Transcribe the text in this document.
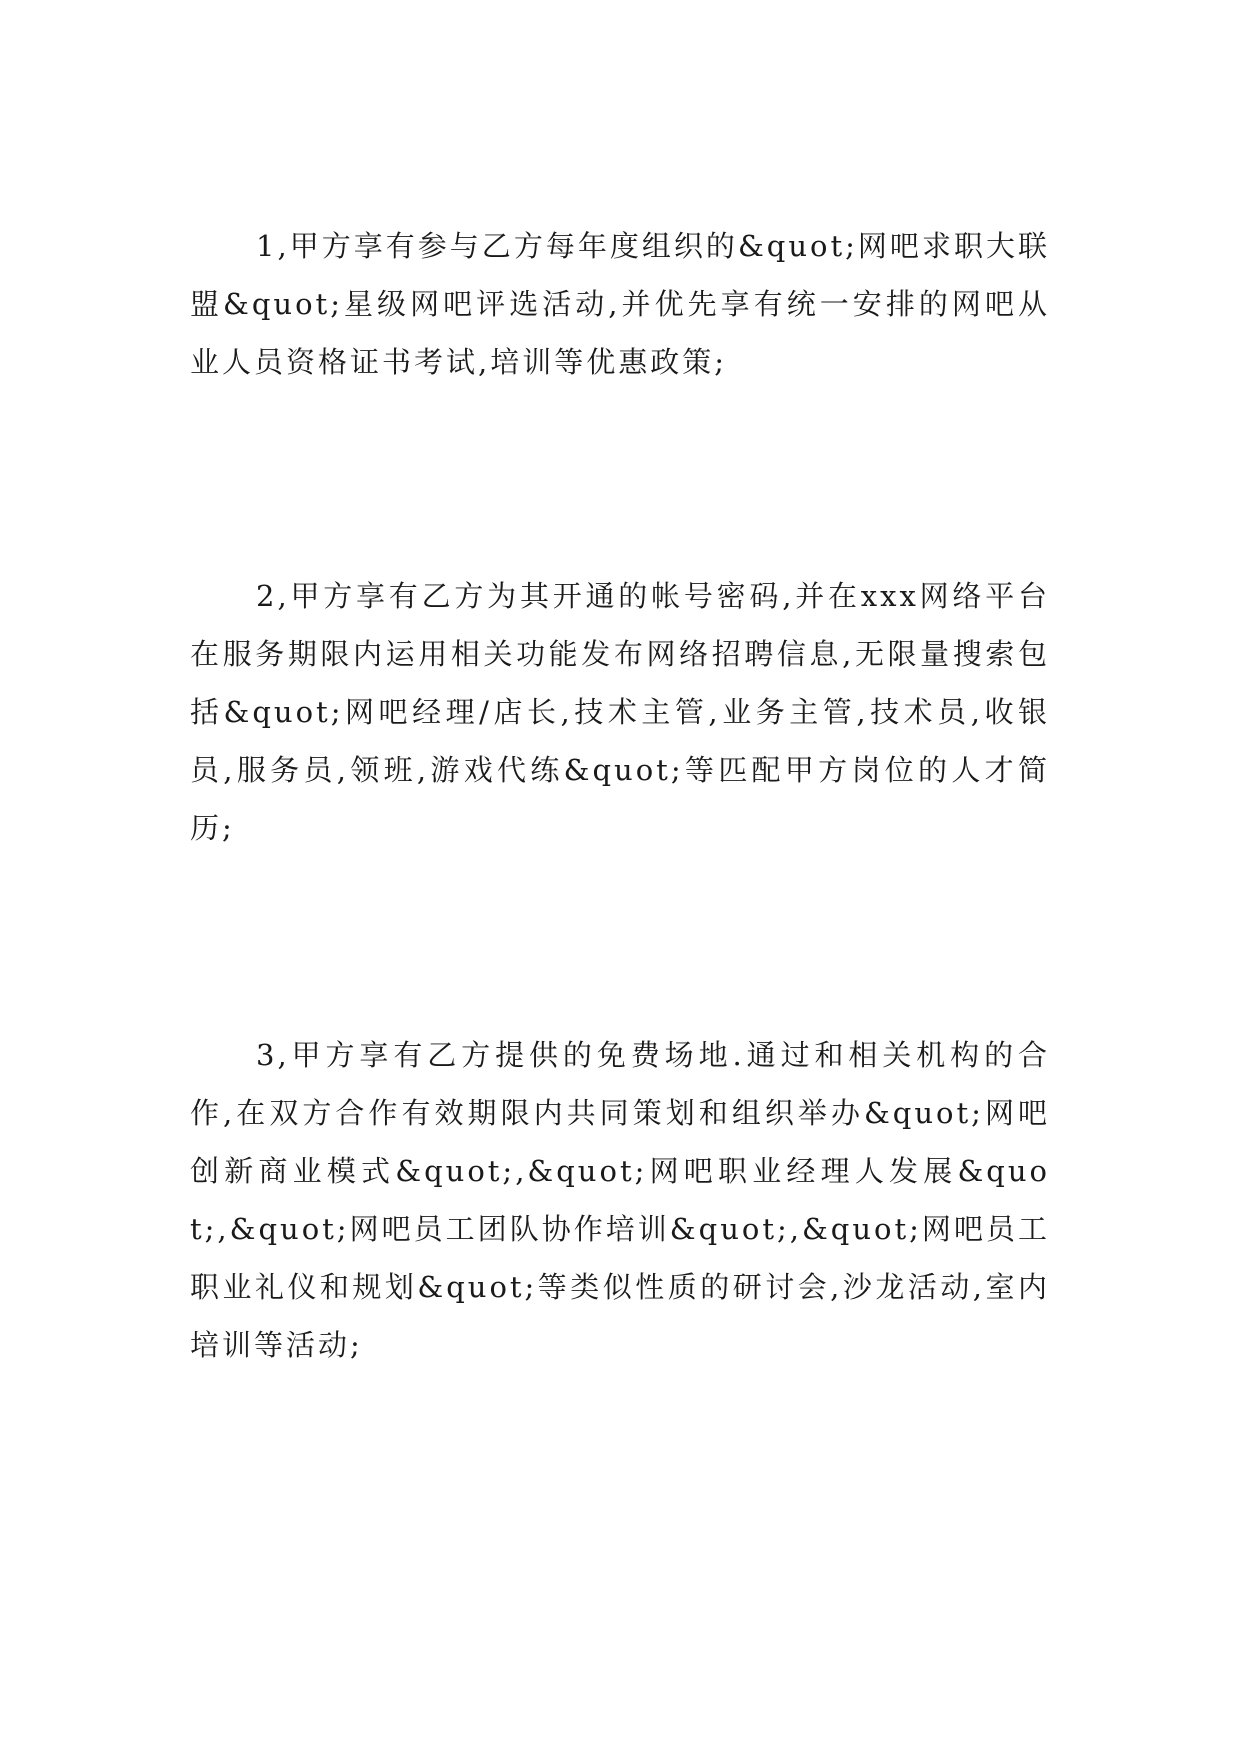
1,甲方享有参与乙方每年度组织的&quot;网吧求职大联盟&quot;星级网吧评选活动,并优先享有统一安排的网吧从业人员资格证书考试,培训等优惠政策;

2,甲方享有乙方为其开通的帐号密码,并在xxx网络平台在服务期限内运用相关功能发布网络招聘信息,无限量搜索包括&quot;网吧经理/店长,技术主管,业务主管,技术员,收银员,服务员,领班,游戏代练&quot;等匹配甲方岗位的人才简历;

3,甲方享有乙方提供的免费场地.通过和相关机构的合作,在双方合作有效期限内共同策划和组织举办&quot;网吧创新商业模式&quot;,&quot;网吧职业经理人发展&quot;,&quot;网吧员工团队协作培训&quot;,&quot;网吧员工职业礼仪和规划&quot;等类似性质的研讨会,沙龙活动,室内培训等活动;
